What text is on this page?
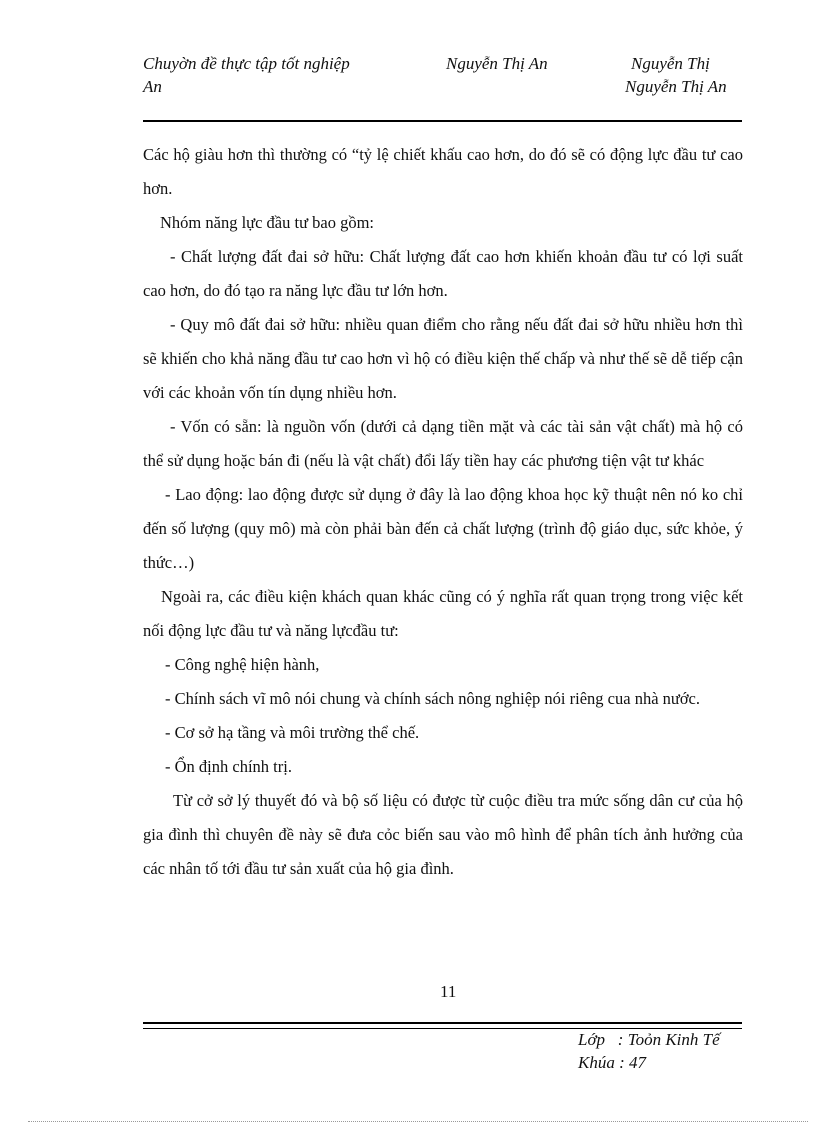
Chuyờn đề thực tập tốt nghiệp
An
Nguyễn Thị An	Nguyễn Thị
Nguyễn Thị An

Các hộ giàu hơn thì thường có “tỷ lệ chiết khấu cao hơn, do đó sẽ có động lực đầu tư cao hơn.

Nhóm năng lực đầu tư bao gồm:

- Chất lượng đất đai sở hữu: Chất lượng đất cao hơn khiến khoản đầu tư có lợi suất cao hơn, do đó tạo ra năng lực đầu tư lớn hơn.

- Quy mô đất đai sở hữu: nhiều quan điểm cho rằng nếu đất đai sở hữu nhiều hơn thì sẽ khiến cho khả năng đầu tư cao hơn vì hộ có điều kiện thế chấp và như thế sẽ dễ tiếp cận với các khoản vốn tín dụng nhiều hơn.

- Vốn có sẵn: là nguồn vốn (dưới cả dạng tiền mặt và các tài sản vật chất) mà hộ có thể sử dụng hoặc bán đi (nếu là vật chất) đổi lấy tiền hay các phương tiện vật tư khác

- Lao động: lao động được sử dụng ở đây là lao động khoa học kỹ thuật nên nó ko chỉ đến số lượng (quy mô) mà còn phải bàn đến cả chất lượng (trình độ giáo dục, sức khỏe, ý thức…)

Ngoài ra, các điều kiện khách quan khác cũng có ý nghĩa rất quan trọng trong việc kết nối động lực đầu tư và năng lựcđầu tư:

- Công nghệ hiện hành,

- Chính sách vĩ mô nói chung và chính sách nông nghiệp nói riêng cua nhà nước.

- Cơ sở hạ tầng và môi trường thể chế.

- Ổn định chính trị.

Từ cở sở lý thuyết đó và bộ số liệu có được từ cuộc điều tra mức sống dân cư của hộ gia đình thì chuyên đề này sẽ đưa cỏc biến sau vào mô hình để phân tích ảnh hưởng của các nhân tố tới đầu tư sản xuất của hộ gia đình.

11
Lớp   : Toỏn Kinh Tế
Khúa : 47
